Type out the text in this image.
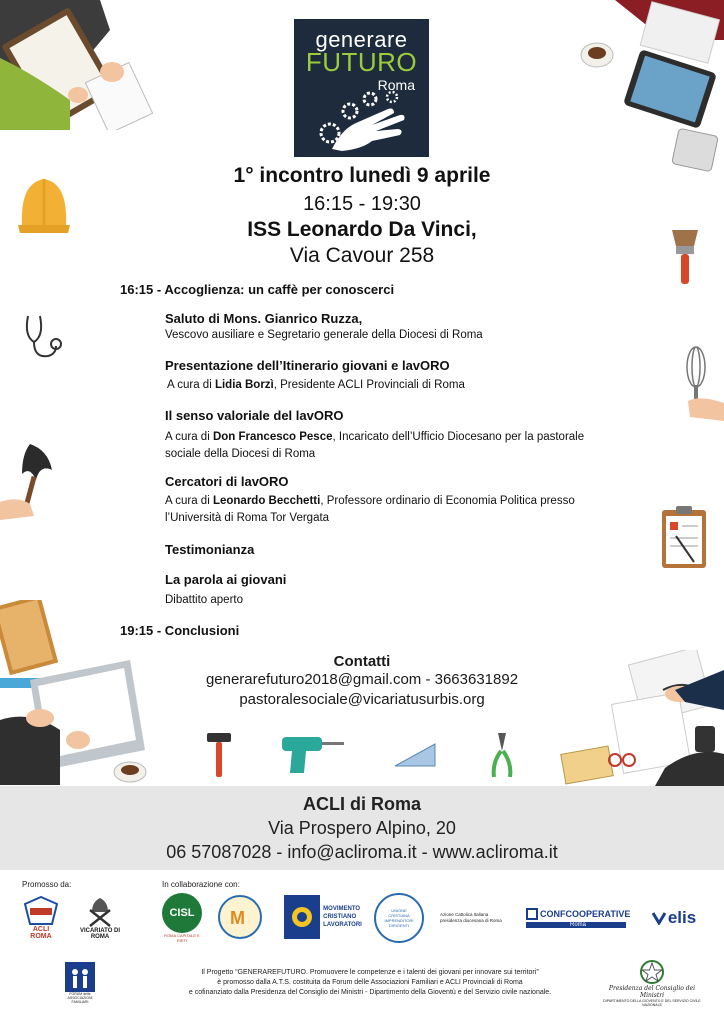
generare
FUTURO
Roma
1° incontro lunedì 9 aprile
16:15 - 19:30
ISS Leonardo Da Vinci,
Via Cavour 258
16:15 - Accoglienza: un caffè per conoscerci
Saluto di Mons. Gianrico Ruzza,
Vescovo ausiliare e Segretario generale della Diocesi di Roma
Presentazione dell’Itinerario giovani e lavORO
A cura di Lidia Borzì, Presidente ACLI Provinciali di Roma
Il senso valoriale del lavORO
A cura di Don Francesco Pesce, Incaricato dell’Ufficio Diocesano per la pastorale sociale della Diocesi di Roma
Cercatori di lavORO
A cura di Leonardo Becchetti, Professore ordinario di Economia Politica presso l’Università di Roma Tor Vergata
Testimonianza
La parola ai giovani
Dibattito aperto
19:15 - Conclusioni
Contatti
generarefuturo2018@gmail.com - 3663631892
pastoralesociale@vicariatusurbis.org
ACLI di Roma
Via Prospero Alpino, 20
06 57087028 - info@acliroma.it - www.acliroma.it
Promosso da:	In collaborazione con:
ACLI ROMA
VICARIATO DI ROMA
CISL
ROMA CAPITALE E RIETI
M	MOVIMENTO
CRISTIANO
LAVORATORI
UNIONE CRISTIANA IMPRENDITORI DIRIGENTI
Azione Cattolica Italiana
presidenza diocesana di Roma
CONFCOOPERATIVE
Roma	elis
FORUM delle ASSOCIAZIONI FAMILIARI
Il Progetto “GENERAREFUTURO. Promuovere le competenze e i talenti dei giovani per innovare sui territori”
è promosso dalla A.T.S. costituita da Forum delle Associazioni Familiari e ACLI Provinciali di Roma
e cofinanziato dalla Presidenza del Consiglio dei Ministri - Dipartimento della Gioventù e del Servizio civile nazionale.
Presidenza del Consiglio dei Ministri
DIPARTIMENTO DELLA GIOVENTÙ E DEL SERVIZIO CIVILE NAZIONALE
